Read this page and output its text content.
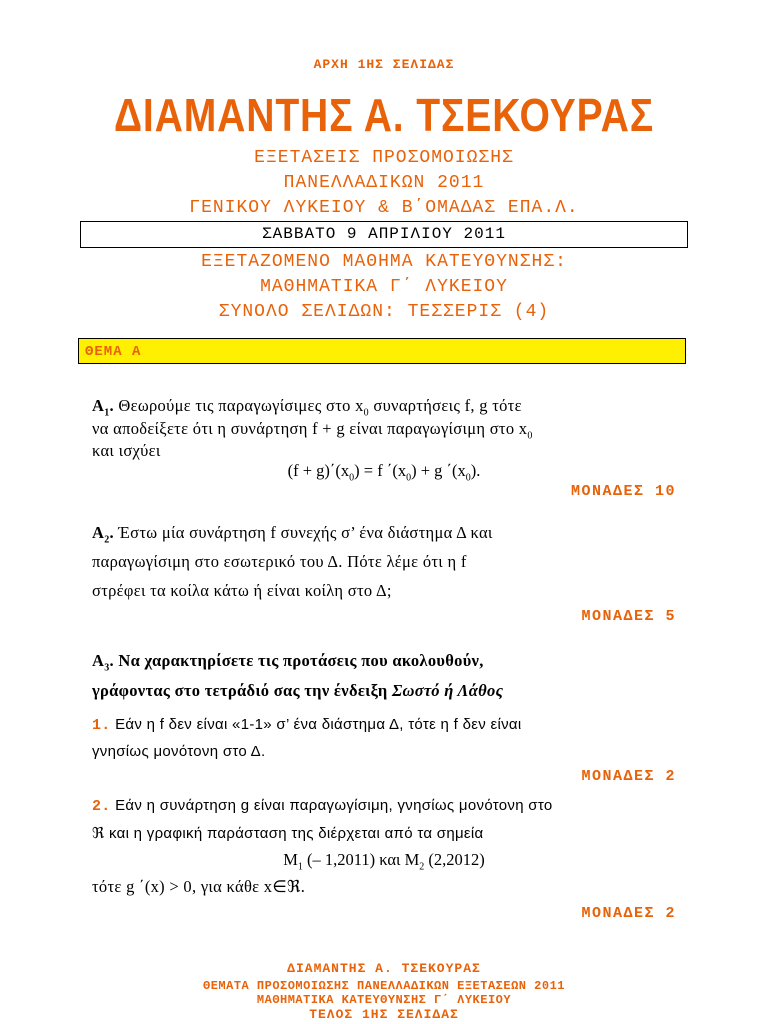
ΑΡΧΗ 1ΗΣ ΣΕΛΙΔΑΣ
ΔΙΑΜΑΝΤΗΣ Α. ΤΣΕΚΟΥΡΑΣ
ΕΞΕΤΑΣΕΙΣ ΠΡΟΣΟΜΟΙΩΣΗΣ
ΠΑΝΕΛΛΑΔΙΚΩΝ 2011
ΓΕΝΙΚΟΥ ΛΥΚΕΙΟΥ & Β΄ΟΜΑΔΑΣ ΕΠΑ.Λ.
ΣΑΒΒΑΤΟ 9 ΑΠΡΙΛΙΟΥ 2011
ΕΞΕΤΑΖΟΜΕΝΟ ΜΑΘΗΜΑ ΚΑΤΕΥΘΥΝΣΗΣ:
ΜΑΘΗΜΑΤΙΚΑ Γ΄ ΛΥΚΕΙΟΥ
ΣΥΝΟΛΟ ΣΕΛΙΔΩΝ: ΤΕΣΣΕΡΙΣ (4)
ΘΕΜΑ Α
$A_1$. Θεωρούμε τις παραγωγίσιμες στο $x_0$ συναρτήσεις f, g τότε
να αποδείξετε ότι η συνάρτηση f + g είναι παραγωγίσιμη στο $x_0$
και ισχύει
$(f + g)΄(x_0) = f$ $΄(x_0) + g$ $΄(x_0)$.
ΜΟΝΑΔΕΣ 10
$A_2$. Έστω μία συνάρτηση f συνεχής σ’ ένα διάστημα Δ και
παραγωγίσιμη στο εσωτερικό του Δ. Πότε λέμε ότι η f
στρέφει τα κοίλα κάτω ή είναι κοίλη στο Δ;
ΜΟΝΑΔΕΣ 5
$A_3$. Να χαρακτηρίσετε τις προτάσεις που ακολουθούν,
γράφοντας στο τετράδιό σας την ένδειξη Σωστό ή Λάθος
1. Εάν η f δεν είναι «1-1» σ’ ένα διάστημα Δ, τότε η f δεν είναι
γνησίως μονότονη στο Δ.
ΜΟΝΑΔΕΣ 2
2. Εάν η συνάρτηση g είναι παραγωγίσιμη, γνησίως μονότονη στο
ℜ και η γραφική παράσταση της διέρχεται από τα σημεία
$M_1$ (– 1,2011) και $M_2$ (2,2012)
τότε g ΄(x) > 0, για κάθε x∈ℜ.
ΜΟΝΑΔΕΣ 2
ΔΙΑΜΑΝΤΗΣ Α. ΤΣΕΚΟΥΡΑΣ
ΘΕΜΑΤΑ ΠΡΟΣΟΜΟΙΩΣΗΣ ΠΑΝΕΛΛΑΔΙΚΩΝ ΕΞΕΤΑΣΕΩΝ 2011
ΜΑΘΗΜΑΤΙΚΑ ΚΑΤΕΥΘΥΝΣΗΣ Γ΄ ΛΥΚΕΙΟΥ
ΤΕΛΟΣ 1ΗΣ ΣΕΛΙΔΑΣ
